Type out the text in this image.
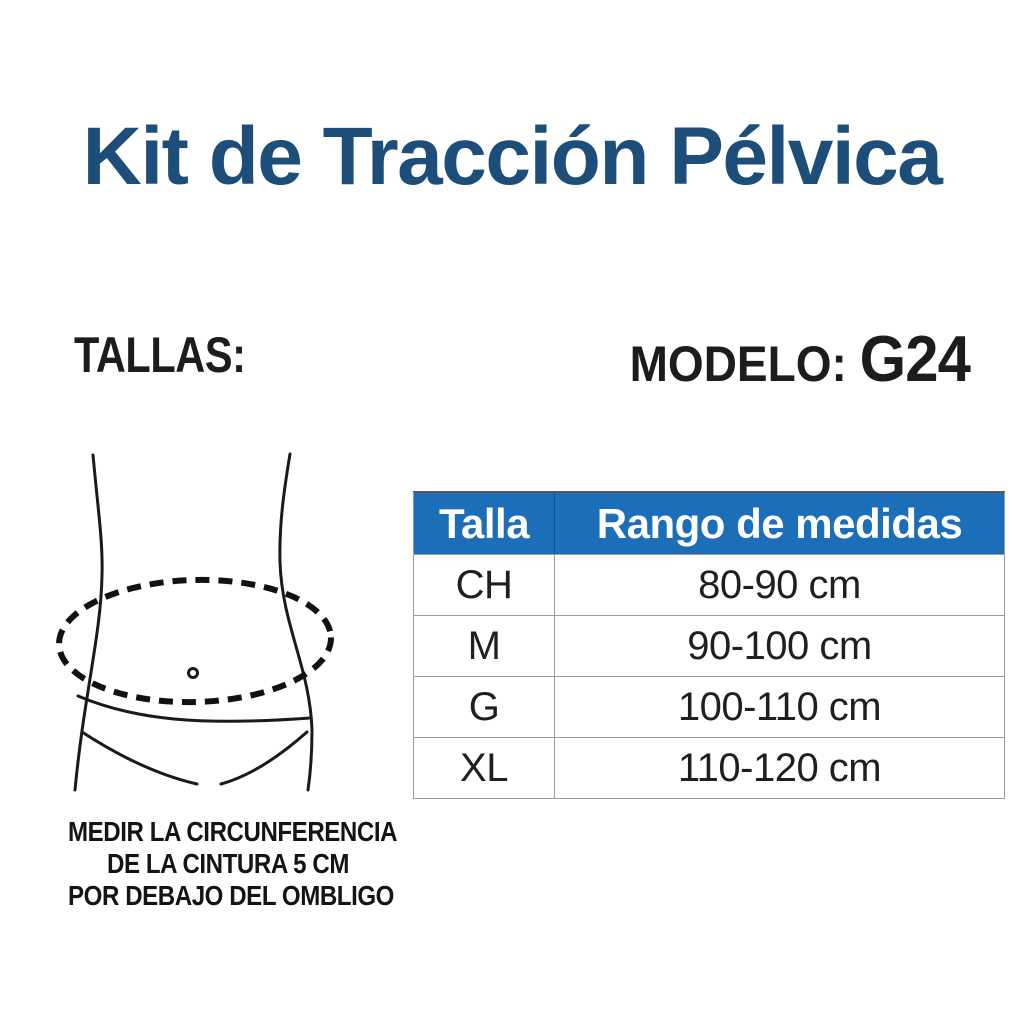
Kit de Tracción Pélvica
TALLAS:	MODELO: G24
Talla	Rango de medidas
CH	80-90 cm
M	90-100 cm
G	100-110 cm
XL	110-120 cm
MEDIR LA CIRCUNFERENCIA
DE LA CINTURA 5 CM
POR DEBAJO DEL OMBLIGO
